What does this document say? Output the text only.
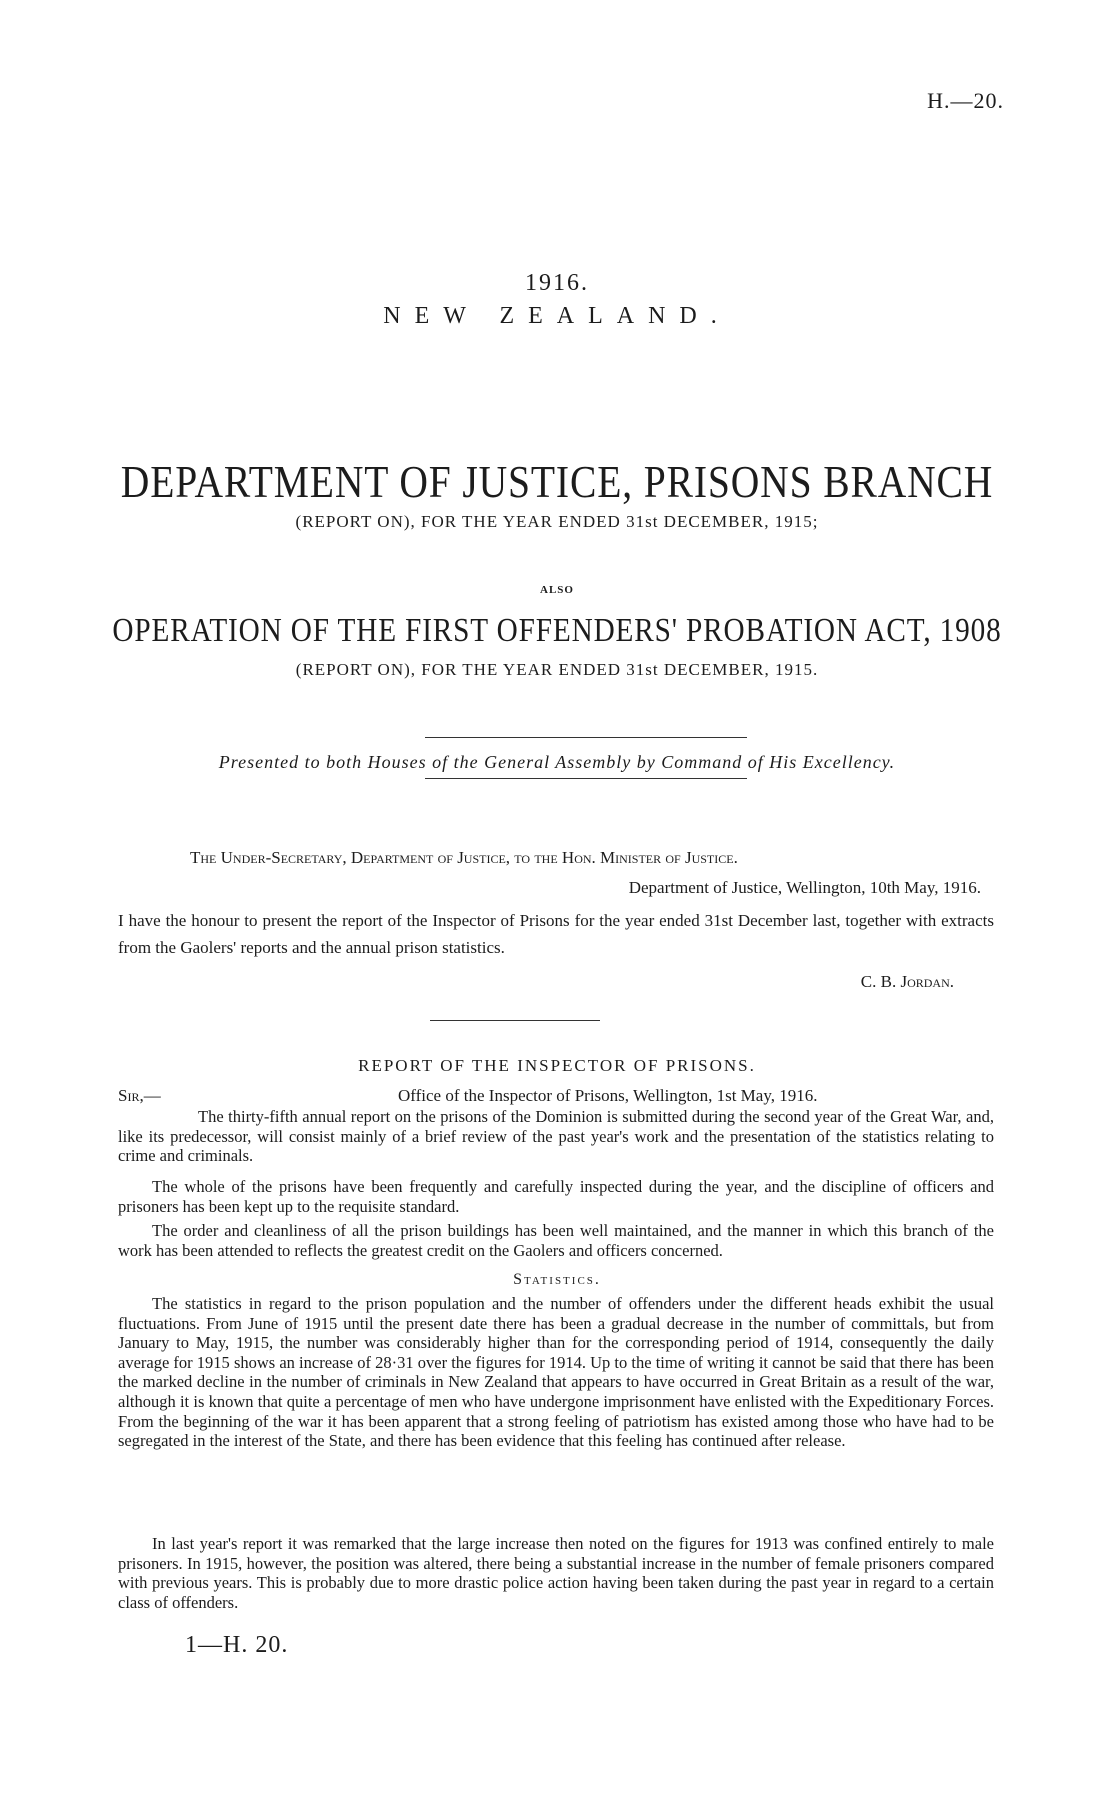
H.—20.
1916.
NEW ZEALAND.
DEPARTMENT OF JUSTICE, PRISONS BRANCH
(REPORT ON), FOR THE YEAR ENDED 31st DECEMBER, 1915;
ALSO
OPERATION OF THE FIRST OFFENDERS' PROBATION ACT, 1908
(REPORT ON), FOR THE YEAR ENDED 31st DECEMBER, 1915.
Presented to both Houses of the General Assembly by Command of His Excellency.
The Under-Secretary, Department of Justice, to the Hon. Minister of Justice.
Department of Justice, Wellington, 10th May, 1916.
I have the honour to present the report of the Inspector of Prisons for the year ended 31st December last, together with extracts from the Gaolers' reports and the annual prison statistics.
C. B. Jordan.
REPORT OF THE INSPECTOR OF PRISONS.
Sir,—	Office of the Inspector of Prisons, Wellington, 1st May, 1916.
The thirty-fifth annual report on the prisons of the Dominion is submitted during the second year of the Great War, and, like its predecessor, will consist mainly of a brief review of the past year's work and the presentation of the statistics relating to crime and criminals.
The whole of the prisons have been frequently and carefully inspected during the year, and the discipline of officers and prisoners has been kept up to the requisite standard.
The order and cleanliness of all the prison buildings has been well maintained, and the manner in which this branch of the work has been attended to reflects the greatest credit on the Gaolers and officers concerned.
Statistics.
The statistics in regard to the prison population and the number of offenders under the different heads exhibit the usual fluctuations. From June of 1915 until the present date there has been a gradual decrease in the number of committals, but from January to May, 1915, the number was considerably higher than for the corresponding period of 1914, consequently the daily average for 1915 shows an increase of 28·31 over the figures for 1914. Up to the time of writing it cannot be said that there has been the marked decline in the number of criminals in New Zealand that appears to have occurred in Great Britain as a result of the war, although it is known that quite a percentage of men who have undergone imprisonment have enlisted with the Expeditionary Forces. From the beginning of the war it has been apparent that a strong feeling of patriotism has existed among those who have had to be segregated in the interest of the State, and there has been evidence that this feeling has continued after release.
In last year's report it was remarked that the large increase then noted on the figures for 1913 was confined entirely to male prisoners. In 1915, however, the position was altered, there being a substantial increase in the number of female prisoners compared with previous years. This is probably due to more drastic police action having been taken during the past year in regard to a certain class of offenders.
1—H. 20.
